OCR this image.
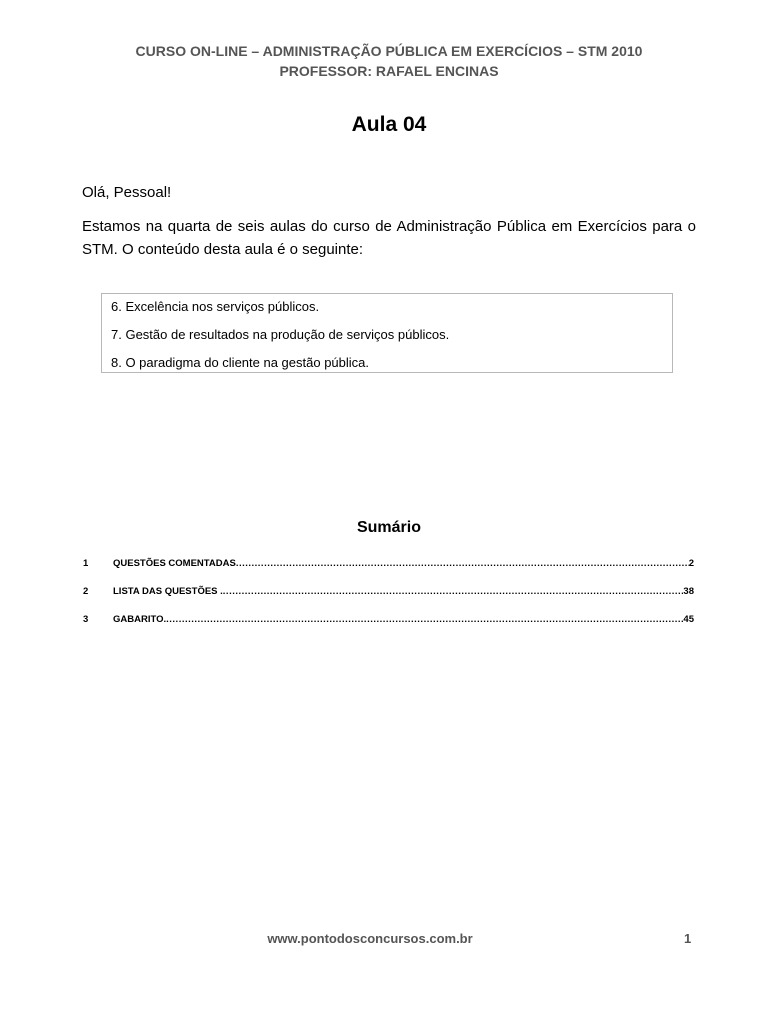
CURSO ON-LINE – ADMINISTRAÇÃO PÚBLICA EM EXERCÍCIOS – STM 2010
PROFESSOR: RAFAEL ENCINAS
Aula 04
Olá, Pessoal!
Estamos na quarta de seis aulas do curso de Administração Pública em Exercícios para o STM. O conteúdo desta aula é o seguinte:
6. Excelência nos serviços públicos.
7. Gestão de resultados na produção de serviços públicos.
8. O paradigma do cliente na gestão pública.
Sumário
1	QUESTÕES COMENTADAS .....	2
2	LISTA DAS QUESTÕES . .....	38
3	GABARITO. .....	45
www.pontodosconcursos.com.br	1
